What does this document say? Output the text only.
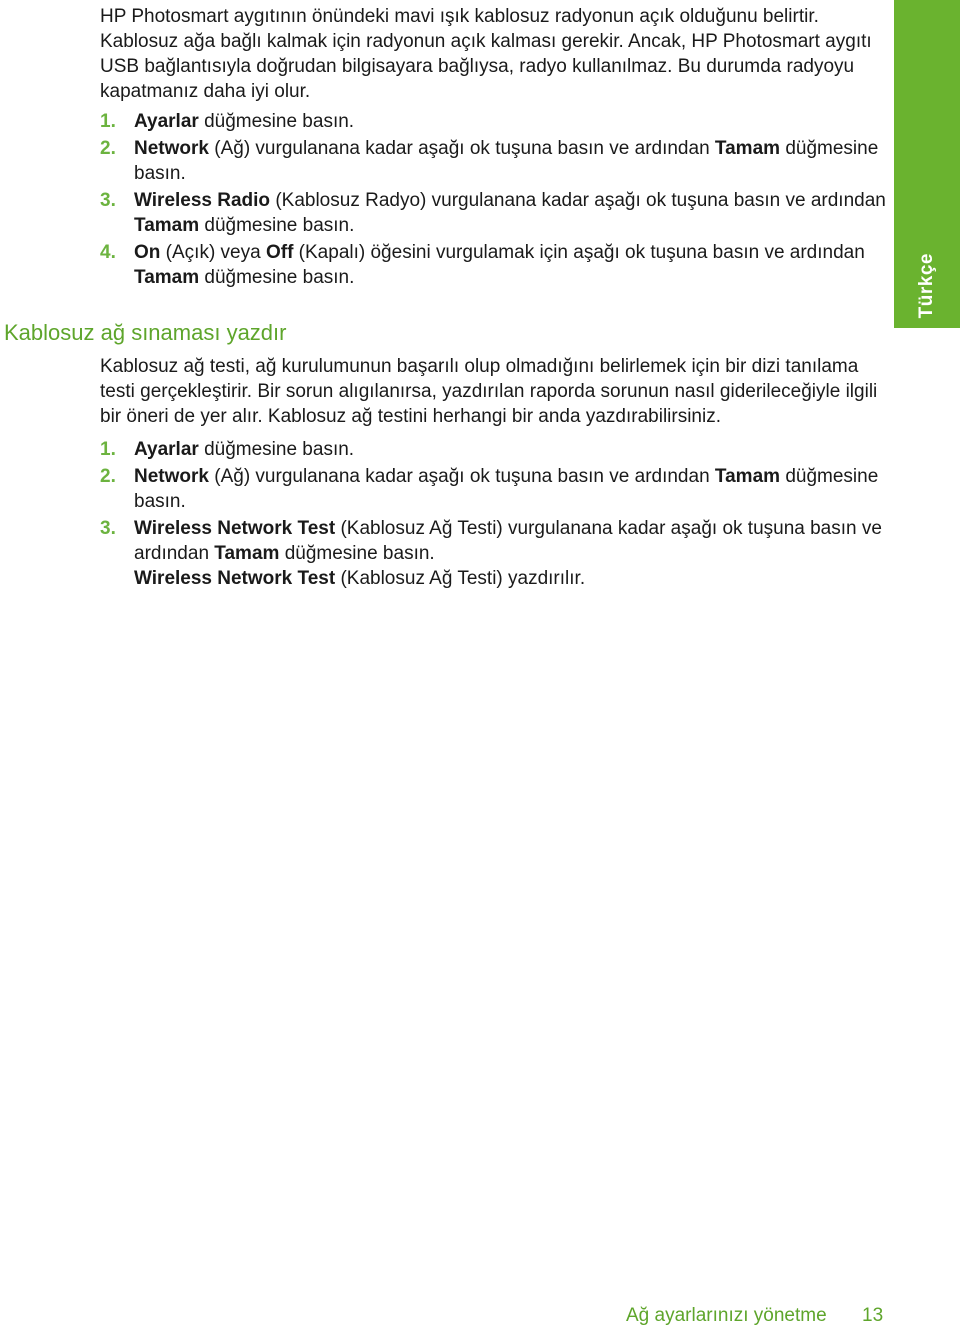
HP Photosmart aygıtının önündeki mavi ışık kablosuz radyonun açık olduğunu belirtir. Kablosuz ağa bağlı kalmak için radyonun açık kalması gerekir. Ancak, HP Photosmart aygıtı USB bağlantısıyla doğrudan bilgisayara bağlıysa, radyo kullanılmaz. Bu durumda radyoyu kapatmanız daha iyi olur.

1. Ayarlar düğmesine basın.
2. Network (Ağ) vurgulanana kadar aşağı ok tuşuna basın ve ardından Tamam düğmesine basın.
3. Wireless Radio (Kablosuz Radyo) vurgulanana kadar aşağı ok tuşuna basın ve ardından Tamam düğmesine basın.
4. On (Açık) veya Off (Kapalı) öğesini vurgulamak için aşağı ok tuşuna basın ve ardından Tamam düğmesine basın.
Kablosuz ağ sınaması yazdır

Kablosuz ağ testi, ağ kurulumunun başarılı olup olmadığını belirlemek için bir dizi tanılama testi gerçekleştirir. Bir sorun alıgılanırsa, yazdırılan raporda sorunun nasıl giderileceğiyle ilgili bir öneri de yer alır. Kablosuz ağ testini herhangi bir anda yazdırabilirsiniz.

1. Ayarlar düğmesine basın.
2. Network (Ağ) vurgulanana kadar aşağı ok tuşuna basın ve ardından Tamam düğmesine basın.
3. Wireless Network Test (Kablosuz Ağ Testi) vurgulanana kadar aşağı ok tuşuna basın ve ardından Tamam düğmesine basın.
Wireless Network Test (Kablosuz Ağ Testi) yazdırılır.
Türkçe
Ağ ayarlarınızı yönetme 13
